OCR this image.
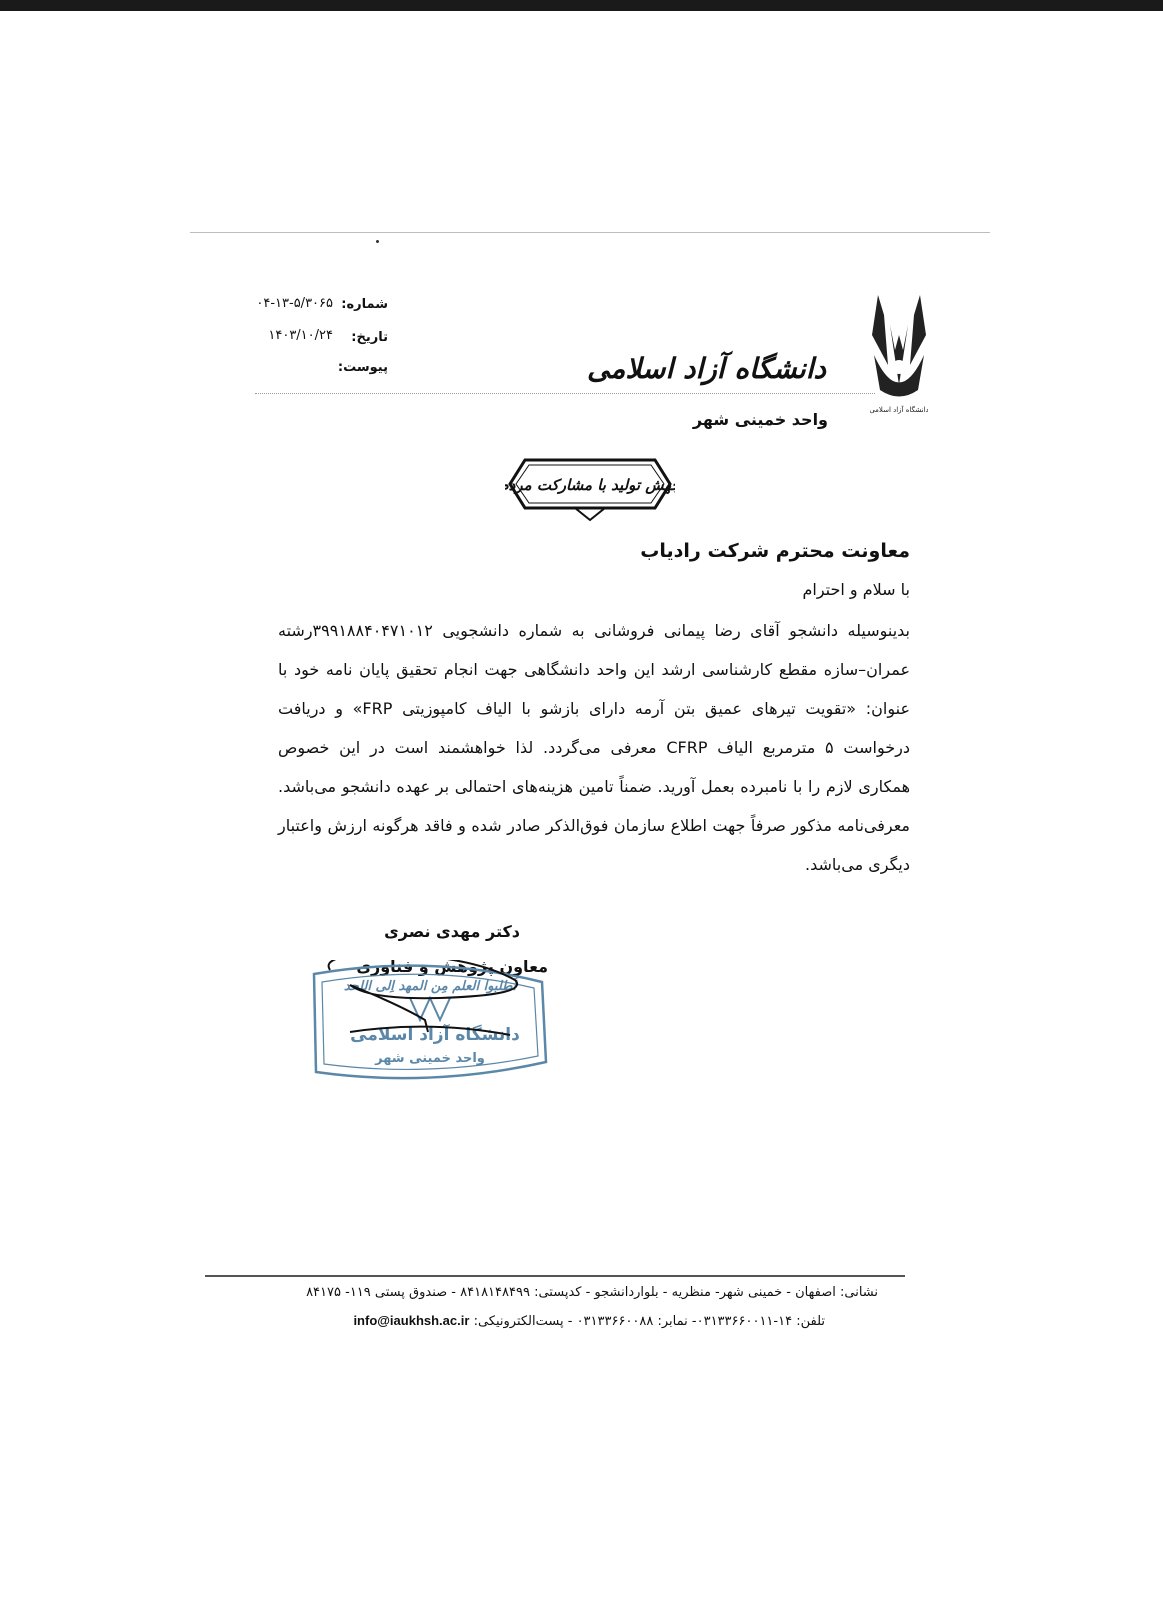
شماره:
۰۴-۱۳-۵/۳۰۶۵
تاریخ:
۱۴۰۳/۱۰/۲۴
پیوست:
دانشگاه آزاد اسلامی
دانشگاه آزاد اسلامی
واحد خمینی شهر
جهش تولید با مشارکت مردم
معاونت محترم شرکت رادیاب
با سلام و احترام
بدینوسیله دانشجو آقای رضا پیمانی فروشانی به شماره دانشجویی ۳۹۹۱۸۸۴۰۴۷۱۰۱۲رشته عمران–سازه مقطع کارشناسی ارشد این واحد دانشگاهی جهت انجام تحقیق پایان نامه خود با عنوان: «تقویت تیرهای عمیق بتن آرمه دارای بازشو با الیاف کامپوزیتی FRP» و دریافت درخواست ۵ مترمربع الیاف CFRP معرفی می‌گردد. لذا خواهشمند است در این خصوص همکاری لازم را با نامبرده بعمل آورید. ضمناً تامین هزینه‌های احتمالی بر عهده دانشجو می‌باشد. معرفی‌نامه مذکور صرفاً جهت اطلاع سازمان فوق‌الذکر صادر شده و فاقد هرگونه ارزش واعتبار دیگری می‌باشد.
دکتر مهدی نصری
معاون پژوهش و فناوری
اُطلبوا العلم مِن المهد اِلی اللحد
دانشگاه آزاد اسلامی
واحد خمینی شهر
نشانی: اصفهان - خمینی شهر- منظریه - بلواردانشجو - کدپستی: ۸۴۱۸۱۴۸۴۹۹ - صندوق پستی ۱۱۹- ۸۴۱۷۵
تلفن: ۱۴-۰۳۱۳۳۶۶۰۰۱۱- نمابر: ۰۳۱۳۳۶۶۰۰۸۸ - پست‌الکترونیکی: info@iaukhsh.ac.ir
